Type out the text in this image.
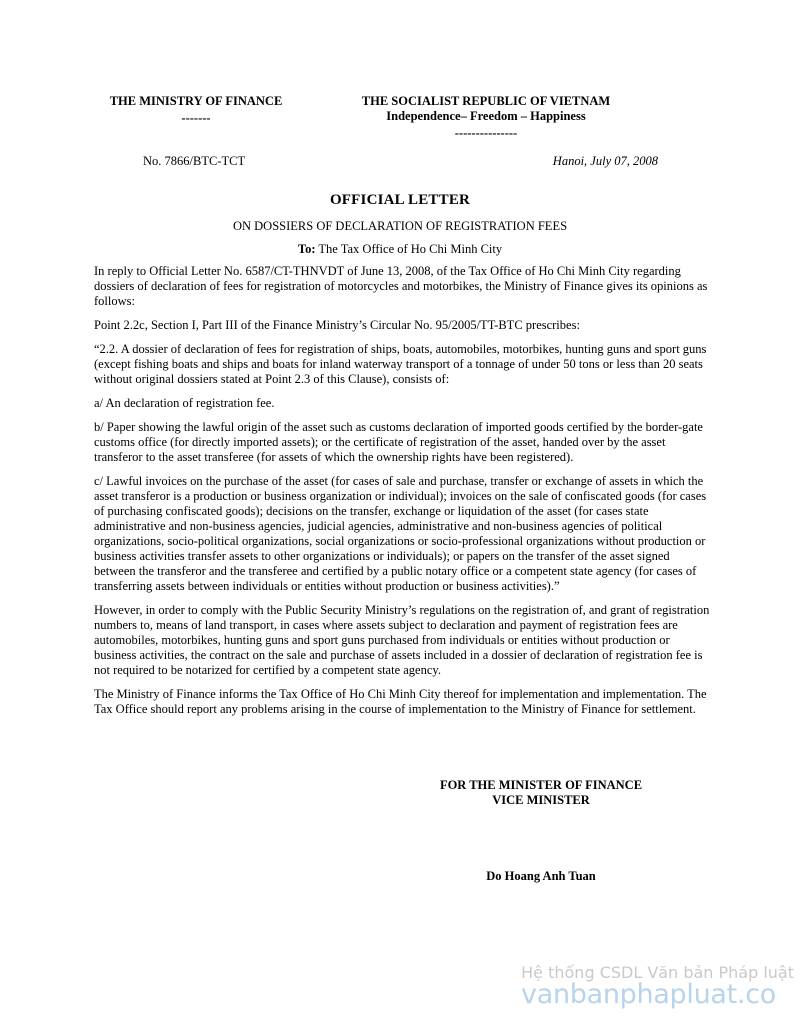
THE MINISTRY OF FINANCE
-------
THE SOCIALIST REPUBLIC OF VIETNAM
Independence– Freedom – Happiness
---------------
No. 7866/BTC-TCT	Hanoi, July 07, 2008
OFFICIAL LETTER
ON DOSSIERS OF DECLARATION OF REGISTRATION FEES
To: The Tax Office of Ho Chi Minh City

In reply to Official Letter No. 6587/CT-THNVDT of June 13, 2008, of the Tax Office of Ho Chi Minh City regarding dossiers of declaration of fees for registration of motorcycles and motorbikes, the Ministry of Finance gives its opinions as follows:

Point 2.2c, Section I, Part III of the Finance Ministry’s Circular No. 95/2005/TT-BTC prescribes:

“2.2. A dossier of declaration of fees for registration of ships, boats, automobiles, motorbikes, hunting guns and sport guns (except fishing boats and ships and boats for inland waterway transport of a tonnage of under 50 tons or less than 20 seats without original dossiers stated at Point 2.3 of this Clause), consists of:

a/ An declaration of registration fee.

b/ Paper showing the lawful origin of the asset such as customs declaration of imported goods certified by the border-gate customs office (for directly imported assets); or the certificate of registration of the asset, handed over by the asset transferor to the asset transferee (for assets of which the ownership rights have been registered).

c/ Lawful invoices on the purchase of the asset (for cases of sale and purchase, transfer or exchange of assets in which the asset transferor is a production or business organization or individual); invoices on the sale of confiscated goods (for cases of purchasing confiscated goods); decisions on the transfer, exchange or liquidation of the asset (for cases state administrative and non-business agencies, judicial agencies, administrative and non-business agencies of political organizations, socio-political organizations, social organizations or socio-professional organizations without production or business activities transfer assets to other organizations or individuals); or papers on the transfer of the asset signed between the transferor and the transferee and certified by a public notary office or a competent state agency (for cases of transferring assets between individuals or entities without production or business activities).”

However, in order to comply with the Public Security Ministry’s regulations on the registration of, and grant of registration numbers to, means of land transport, in cases where assets subject to declaration and payment of registration fees are automobiles, motorbikes, hunting guns and sport guns purchased from individuals or entities without production or business activities, the contract on the sale and purchase of assets included in a dossier of declaration of registration fee is not required to be notarized for certified by a competent state agency.

The Ministry of Finance informs the Tax Office of Ho Chi Minh City thereof for implementation and implementation. The Tax Office should report any problems arising in the course of implementation to the Ministry of Finance for settlement.

FOR THE MINISTER OF FINANCE
VICE MINISTER
Do Hoang Anh Tuan
Hệ thống CSDL Văn bản Pháp luật
vanbanphapluat.co
